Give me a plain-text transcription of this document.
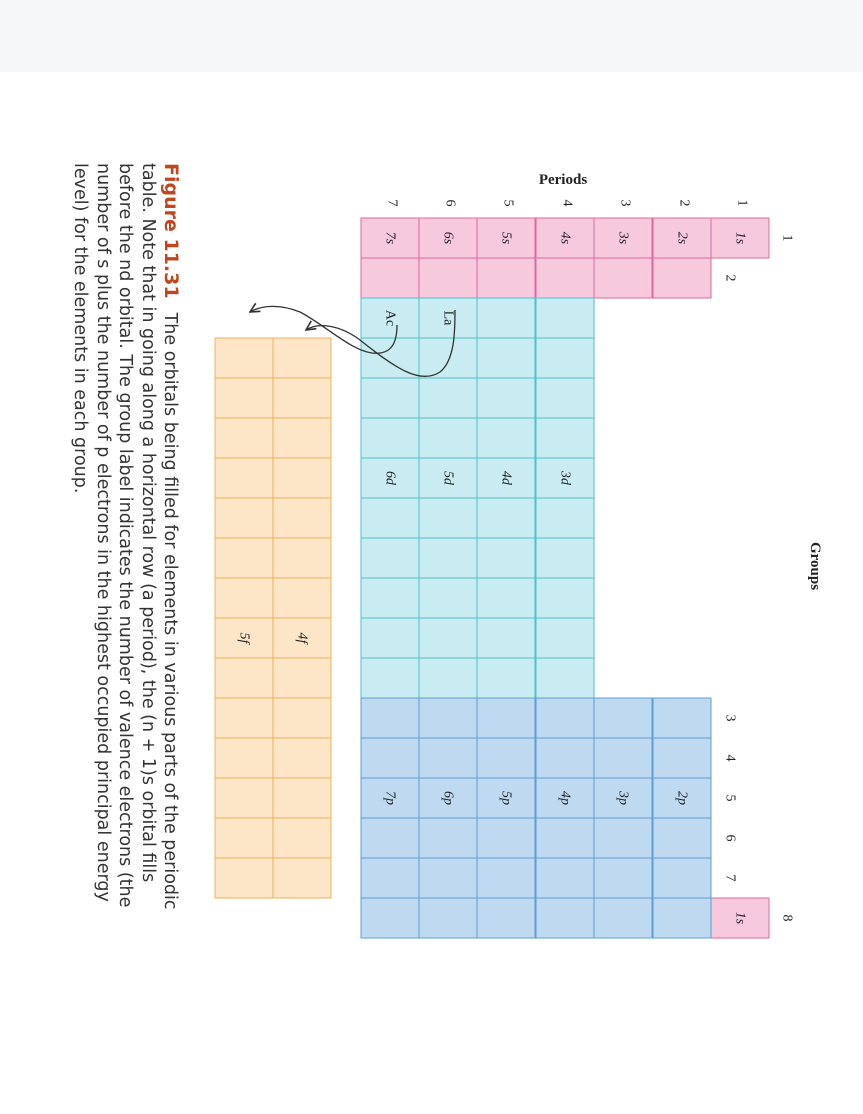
1s
2s
3s
4s
5s
6s
7s
1s
3d
4d
5d
6d
2p
3p
4p
5p
6p
7p
La
Ac
4f
5f
1
2
3
4
5
6
7
8
1
2
3
4
5
6
7
Groups
Periods
Figure 11.31The orbitals being filled for elements in various parts of the periodic table. Note that in going along a horizontal row (a period), the (n + 1)s orbital fills before the nd orbital. The group label indicates the number of valence electrons (the number of s plus the number of p electrons in the highest occupied principal energy level) for the elements in each group.
